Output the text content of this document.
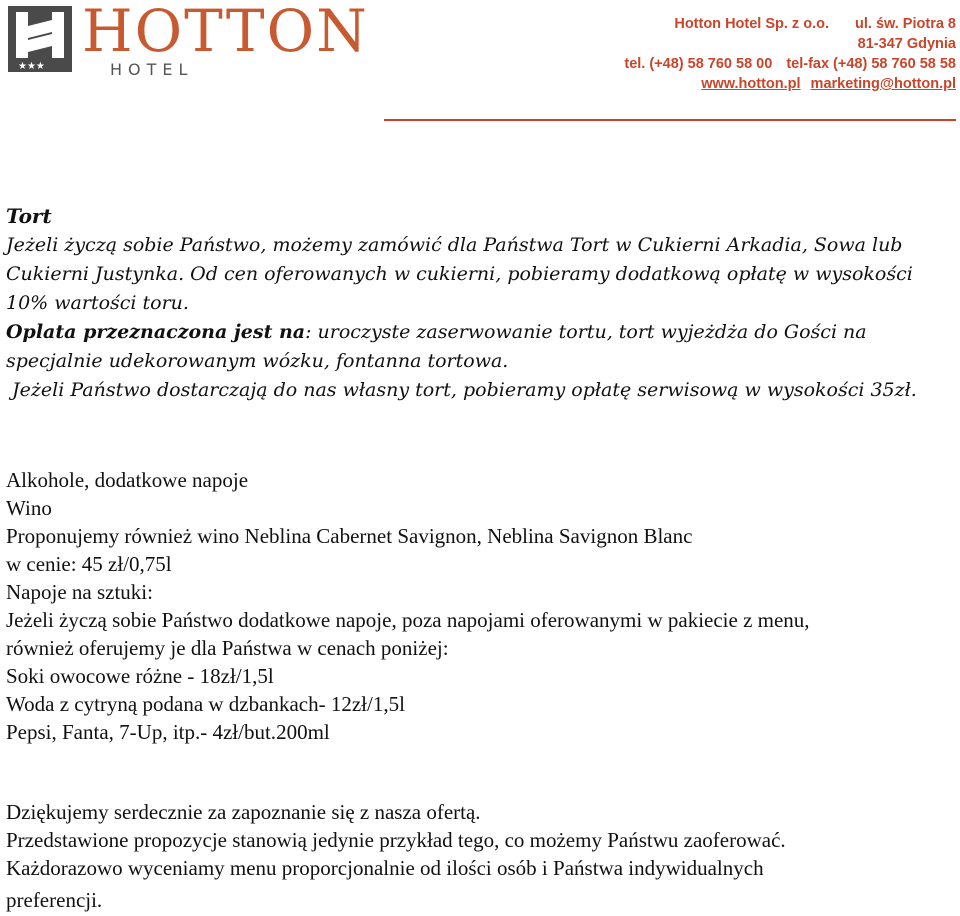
★★★
HOTTON
HOTEL
Hotton Hotel Sp. z o.o. ul. św. Piotra 8
81-347 Gdynia
tel. (+48) 58 760 58 00 tel-fax (+48) 58 760 58 58
www.hotton.pl marketing@hotton.pl

Tort

Jeżeli życzą sobie Państwo, możemy zamówić dla Państwa Tort w Cukierni Arkadia, Sowa lub

Cukierni Justynka. Od cen oferowanych w cukierni, pobieramy dodatkową opłatę w wysokości

10% wartości toru.

Oplata przeznaczona jest na: uroczyste zaserwowanie tortu, tort wyjeżdża do Gości na

specjalnie udekorowanym wózku, fontanna tortowa.

Jeżeli Państwo dostarczają do nas własny tort, pobieramy opłatę serwisową w wysokości 35zł.

Alkohole, dodatkowe napoje

Wino

Proponujemy również wino Neblina Cabernet Savignon, Neblina Savignon Blanc

w cenie: 45 zł/0,75l

Napoje na sztuki:

Jeżeli życzą sobie Państwo dodatkowe napoje, poza napojami oferowanymi w pakiecie z menu,

również oferujemy je dla Państwa w cenach poniżej:

Soki owocowe różne - 18zł/1,5l

Woda z cytryną podana w dzbankach- 12zł/1,5l

Pepsi, Fanta, 7-Up, itp.- 4zł/but.200ml

Dziękujemy serdecznie za zapoznanie się z nasza ofertą.

Przedstawione propozycje stanowią jedynie przykład tego, co możemy Państwu zaoferować.

Każdorazowo wyceniamy menu proporcjonalnie od ilości osób i Państwa indywidualnych

preferencji.
